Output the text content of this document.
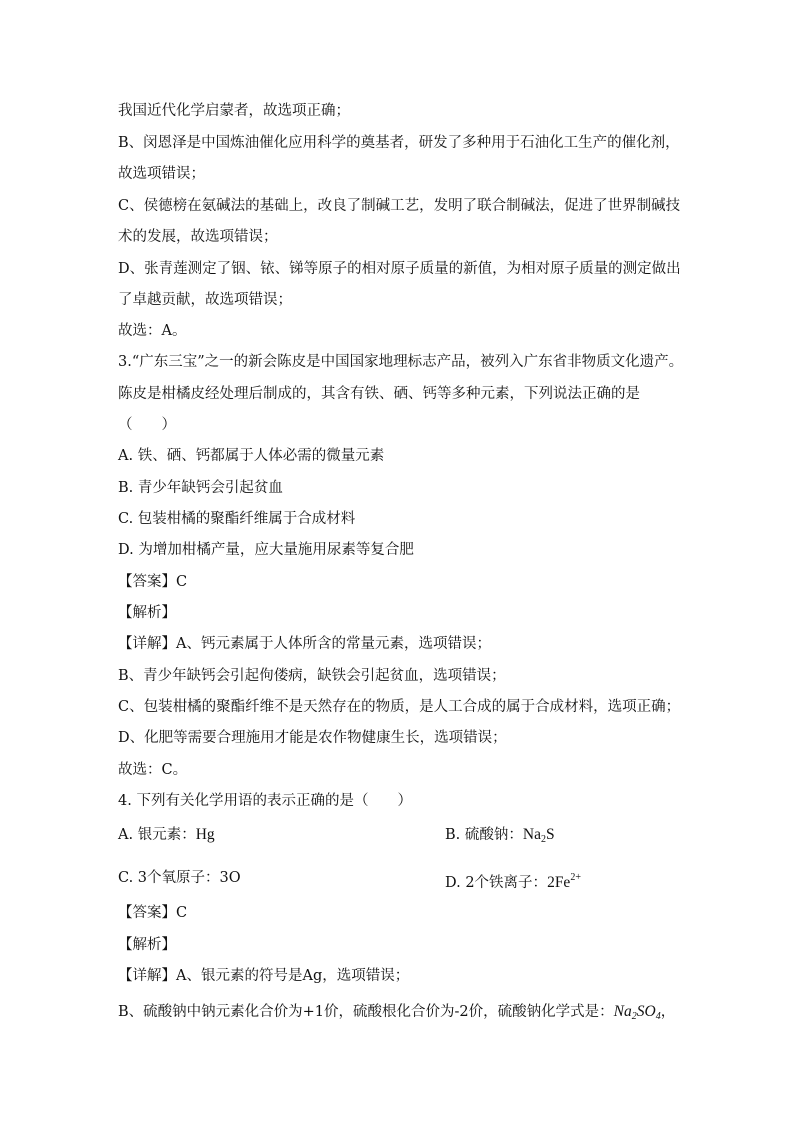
我国近代化学启蒙者，故选项正确；
B、闵恩泽是中国炼油催化应用科学的奠基者，研发了多种用于石油化工生产的催化剂，
故选项错误；
C、侯德榜在氨碱法的基础上，改良了制碱工艺，发明了联合制碱法，促进了世界制碱技
术的发展，故选项错误；
D、张青莲测定了铟、铱、锑等原子的相对原子质量的新值，为相对原子质量的测定做出
了卓越贡献，故选项错误；
故选：A。
3.“广东三宝”之一的新会陈皮是中国国家地理标志产品，被列入广东省非物质文化遗产。
陈皮是柑橘皮经处理后制成的，其含有铁、硒、钙等多种元素，下列说法正确的是
（　　）
A. 铁、硒、钙都属于人体必需的微量元素
B. 青少年缺钙会引起贫血
C. 包装柑橘的聚酯纤维属于合成材料
D. 为增加柑橘产量，应大量施用尿素等复合肥
【答案】C
【解析】
【详解】A、钙元素属于人体所含的常量元素，选项错误；
B、青少年缺钙会引起佝偻病，缺铁会引起贫血，选项错误；
C、包装柑橘的聚酯纤维不是天然存在的物质，是人工合成的属于合成材料，选项正确；
D、化肥等需要合理施用才能是农作物健康生长，选项错误；
故选：C。
4. 下列有关化学用语的表示正确的是（　　）
A. 银元素：Hg	B. 硫酸钠：$Na_2S$
C. 3个氧原子：3O	D. 2个铁离子：$2Fe^{2+}$
【答案】C
【解析】
【详解】A、银元素的符号是Ag，选项错误；
B、硫酸钠中钠元素化合价为+1价，硫酸根化合价为-2价，硫酸钠化学式是：$Na_2SO_4$，
